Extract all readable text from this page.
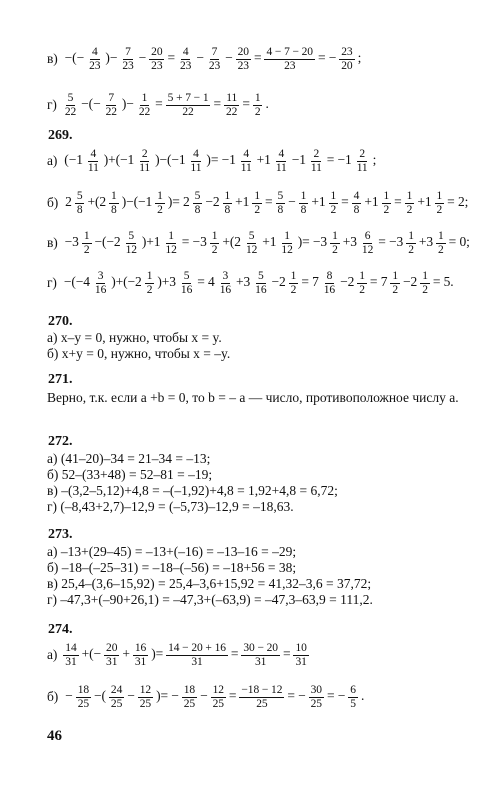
в) −(− $\frac{4}{23}$ )− $\frac{7}{23} - \frac{20}{23} = \frac{4}{23} - \frac{7}{23} - \frac{20}{23} = \frac{4 - 7 - 20}{23}$ = − $\frac{23}{20}$ ;
$г) \frac{5}{22}$ −(− $\frac{7}{22}$ )− $\frac{1}{22} = \frac{5 + 7 - 1}{22} = \frac{11}{22} = \frac{1}{2}$ .
269.
а) $(-1 \frac{4}{11} )+(-1 \frac{2}{11} )-(-1 \frac{4}{11}$ )= $-1 \frac{4}{11} +1 \frac{4}{11} -1 \frac{2}{11} = -1 \frac{2}{11}$ ;
б) $2 \frac{5}{8} +(2 \frac{1}{8} )-(-1 \frac{1}{2}$ )= $2 \frac{5}{8} -2 \frac{1}{8} +1 \frac{1}{2} = \frac{5}{8} - \frac{1}{8} +1 \frac{1}{2} = \frac{4}{8} +1 \frac{1}{2} = \frac{1}{2} +1 \frac{1}{2} = 2$;
$в) -3 \frac{1}{2} -(-2 \frac{5}{12} )+1 \frac{1}{12} = -3 \frac{1}{2} +(2 \frac{5}{12} +1 \frac{1}{12}$ )= $-3 \frac{1}{2} +3 \frac{6}{12} = -3 \frac{1}{2} +3 \frac{1}{2} = 0$;
$г) -(-4 \frac{3}{16} )+(-2 \frac{1}{2} )+3 \frac{5}{16} = 4 \frac{3}{16} +3 \frac{5}{16} -2 \frac{1}{2} = 7 \frac{8}{16} -2 \frac{1}{2} = 7 \frac{1}{2} -2 \frac{1}{2} = 5$.
270.
а) x–y = 0, нужно, чтобы x = y.
б) x+y = 0, нужно, чтобы x = –y.
271.
Верно, т.к. если a +b = 0, то b = – a — число, противоположное числу a.
272.
а) (41–20)–34 = 21–34 = –13;
б) 52–(33+48) = 52–81 = –19;
в) –(3,2–5,12)+4,8 = –(–1,92)+4,8 = 1,92+4,8 = 6,72;
г) (–8,43+2,7)–12,9 = (–5,73)–12,9 = –18,63.
273.
а) –13+(29–45) = –13+(–16) = –13–16 = –29;
б) –18–(–25–31) = –18–(–56) = –18+56 = 38;
в) 25,4–(3,6–15,92) = 25,4–3,6+15,92 = 41,32–3,6 = 37,72;
г) –47,3+(–90+26,1) = –47,3+(–63,9) = –47,3–63,9 = 111,2.
274.
$а) \frac{14}{31}$ +(− $\frac{20}{31} + \frac{16}{31}$ )= $\frac{14 - 20 + 16}{31} = \frac{30 - 20}{31} = \frac{10}{31}$
$б) - \frac{18}{25}$ −( $\frac{24}{25} - \frac{12}{25}$ )= − $\frac{18}{25} - \frac{12}{25} = \frac{-18 - 12}{25}$ = − $\frac{30}{25}$ = − $\frac{6}{5}$ .
46
